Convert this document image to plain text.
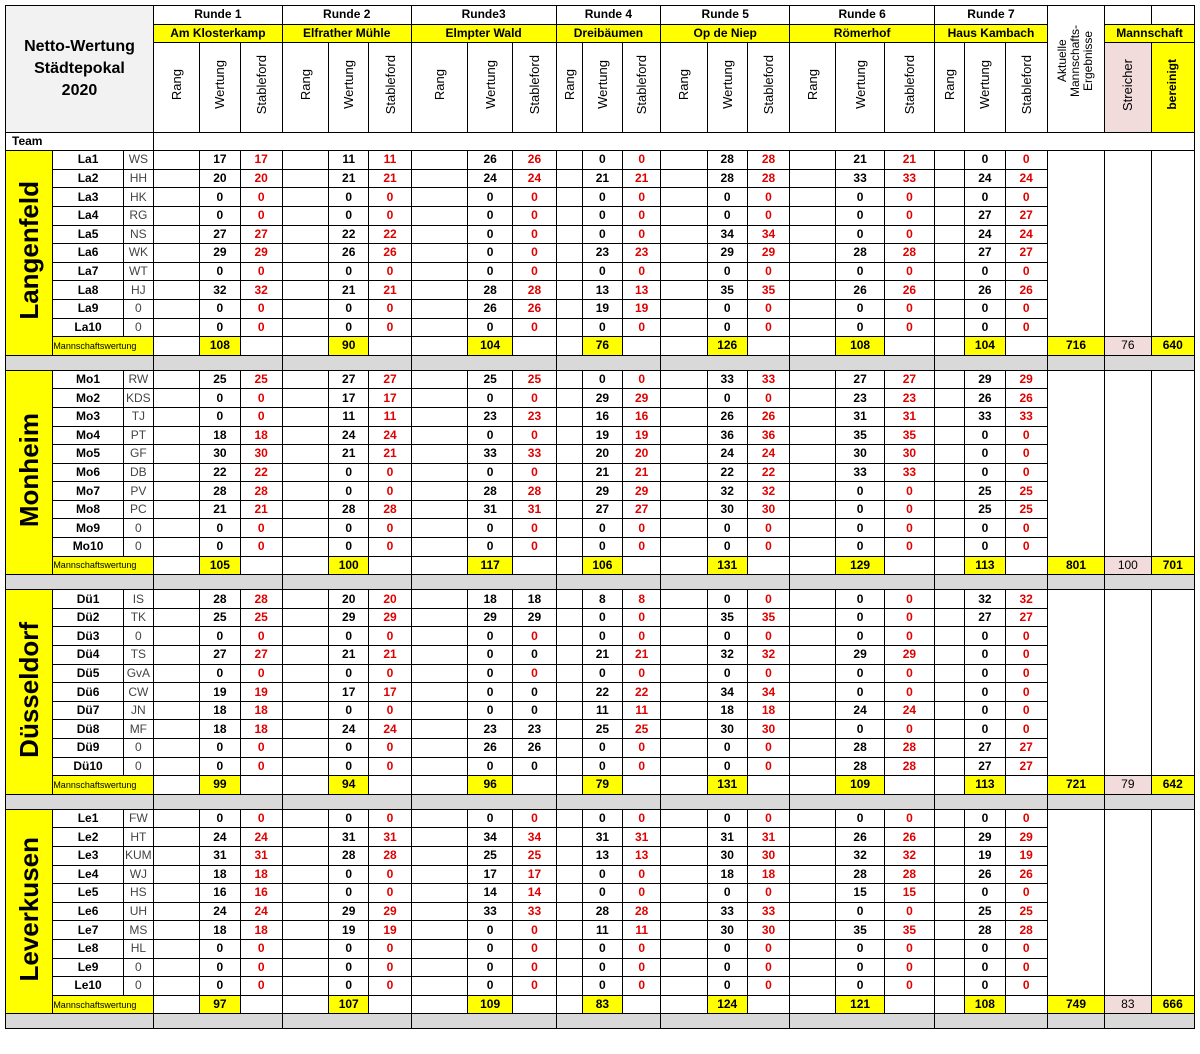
Netto-Wertung Städtepokal 2020			Runde 1			Runde 2			Runde3			Runde 4			Runde 5			Runde 6			Runde 7			Aktuelle Mannschafts-Ergebnisse		
			Am Klosterkamp			Elfrather Mühle			Elmpter Wald			Dreibäumen			Op de Niep			Römerhof			Haus Kambach				Mannschaft	
			Rang	Wertung	Stableford	Rang	Wertung	Stableford	Rang	Wertung	Stableford	Rang	Wertung	Stableford	Rang	Wertung	Stableford	Rang	Wertung	Stableford	Rang	Wertung	Stableford		Streicher	bereinigt
Team																										
Langenfeld	La1	WS		17	17		11	11		26	26		0	0		28	28		21	21		0	0			
	La2	HH		20	20		21	21		24	24		21	21		28	28		33	33		24	24			
	La3	HK		0	0		0	0		0	0		0	0		0	0		0	0		0	0			
	La4	RG		0	0		0	0		0	0		0	0		0	0		0	0		27	27			
	La5	NS		27	27		22	22		0	0		0	0		34	34		0	0		24	24			
	La6	WK		29	29		26	26		0	0		23	23		29	29		28	28		27	27			
	La7	WT		0	0		0	0		0	0		0	0		0	0		0	0		0	0			
	La8	HJ		32	32		21	21		28	28		13	13		35	35		26	26		26	26			
	La9	0		0	0		0	0		26	26		19	19		0	0		0	0		0	0			
	La10	0		0	0		0	0		0	0		0	0		0	0		0	0		0	0			
	Mannschaftswertung			108			90			104			76			126			108			104		716	76	640

Monheim	Mo1	RW		25	25		27	27		25	25		0	0		33	33		27	27		29	29			
	Mo2	KDS		0	0		17	17		0	0		29	29		0	0		23	23		26	26			
	Mo3	TJ		0	0		11	11		23	23		16	16		26	26		31	31		33	33			
	Mo4	PT		18	18		24	24		0	0		19	19		36	36		35	35		0	0			
	Mo5	GF		30	30		21	21		33	33		20	20		24	24		30	30		0	0			
	Mo6	DB		22	22		0	0		0	0		21	21		22	22		33	33		0	0			
	Mo7	PV		28	28		0	0		28	28		29	29		32	32		0	0		25	25			
	Mo8	PC		21	21		28	28		31	31		27	27		30	30		0	0		25	25			
	Mo9	0		0	0		0	0		0	0		0	0		0	0		0	0		0	0			
	Mo10	0		0	0		0	0		0	0		0	0		0	0		0	0		0	0			
	Mannschaftswertung			105			100			117			106			131			129			113		801	100	701

Düsseldorf	Dü1	IS		28	28		20	20		18	18		8	8		0	0		0	0		32	32			
	Dü2	TK		25	25		29	29		29	29		0	0		35	35		0	0		27	27			
	Dü3	0		0	0		0	0		0	0		0	0		0	0		0	0		0	0			
	Dü4	TS		27	27		21	21		0	0		21	21		32	32		29	29		0	0			
	Dü5	GvA		0	0		0	0		0	0		0	0		0	0		0	0		0	0			
	Dü6	CW		19	19		17	17		0	0		22	22		34	34		0	0		0	0			
	Dü7	JN		18	18		0	0		0	0		11	11		18	18		24	24		0	0			
	Dü8	MF		18	18		24	24		23	23		25	25		30	30		0	0		0	0			
	Dü9	0		0	0		0	0		26	26		0	0		0	0		28	28		27	27			
	Dü10	0		0	0		0	0		0	0		0	0		0	0		28	28		27	27			
	Mannschaftswertung			99			94			96			79			131			109			113		721	79	642

Leverkusen	Le1	FW		0	0		0	0		0	0		0	0		0	0		0	0		0	0			
	Le2	HT		24	24		31	31		34	34		31	31		31	31		26	26		29	29			
	Le3	KUM		31	31		28	28		25	25		13	13		30	30		32	32		19	19			
	Le4	WJ		18	18		0	0		17	17		0	0		18	18		28	28		26	26			
	Le5	HS		16	16		0	0		14	14		0	0		0	0		15	15		0	0			
	Le6	UH		24	24		29	29		33	33		28	28		33	33		0	0		25	25			
	Le7	MS		18	18		19	19		0	0		11	11		30	30		35	35		28	28			
	Le8	HL		0	0		0	0		0	0		0	0		0	0		0	0		0	0			
	Le9	0		0	0		0	0		0	0		0	0		0	0		0	0		0	0			
	Le10	0		0	0		0	0		0	0		0	0		0	0		0	0		0	0			
	Mannschaftswertung			97			107			109			83			124			121			108		749	83	666
